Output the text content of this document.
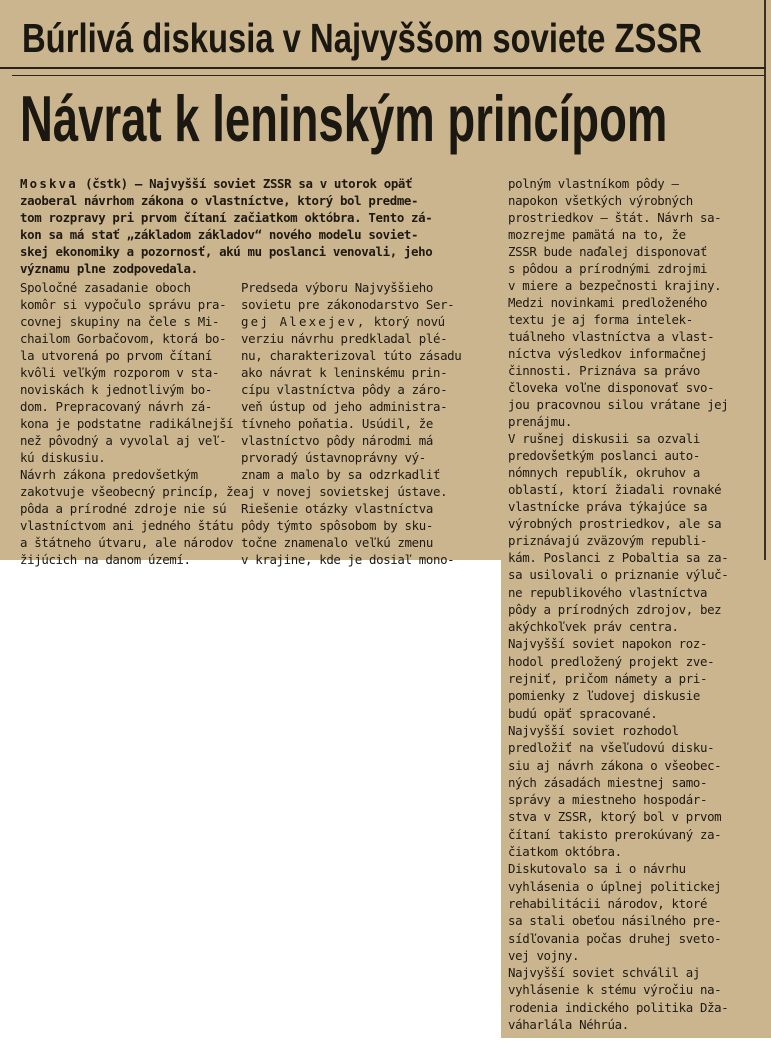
Búrlivá diskusia v Najvyššom soviete ZSSR
Návrat k leninským princípom

Moskva (čstk) — Najvyšší soviet ZSSR sa v utorok opäť

zaoberal návrhom zákona o vlastníctve, ktorý bol predme-

tom rozpravy pri prvom čítaní začiatkom októbra. Tento zá-

kon sa má stať „základom základov“ nového modelu soviet-

skej ekonomiky a pozornosť, akú mu poslanci venovali, jeho

významu plne zodpovedala.

Spoločné zasadanie oboch

komôr si vypočulo správu pra-

covnej skupiny na čele s Mi-

chailom Gorbačovom, ktorá bo-

la utvorená po prvom čítaní

kvôli veľkým rozporom v sta-

noviskách k jednotlivým bo-

dom. Prepracovaný návrh zá-

kona je podstatne radikálnejší

než pôvodný a vyvolal aj veľ-

kú diskusiu.

Návrh zákona predovšetkým

zakotvuje všeobecný princíp, že

pôda a prírodné zdroje nie sú

vlastníctvom ani jedného štátu

a štátneho útvaru, ale národov

žijúcich na danom území.

Predseda výboru Najvyššieho

sovietu pre zákonodarstvo Ser-

gej Alexejev, ktorý novú

verziu návrhu predkladal plé-

nu, charakterizoval túto zásadu

ako návrat k leninskému prin-

cípu vlastníctva pôdy a záro-

veň ústup od jeho administra-

tívneho poňatia. Usúdil, že

vlastníctvo pôdy národmi má

prvoradý ústavnoprávny vý-

znam a malo by sa odzrkadliť

aj v novej sovietskej ústave.

Riešenie otázky vlastníctva

pôdy týmto spôsobom by sku-

točne znamenalo veľkú zmenu

v krajine, kde je dosiaľ mono-

polným vlastníkom pôdy —

napokon všetkých výrobných

prostriedkov — štát. Návrh sa-

mozrejme pamätá na to, že

ZSSR bude naďalej disponovať

s pôdou a prírodnými zdrojmi

v miere a bezpečnosti krajiny.

Medzi novinkami predloženého

textu je aj forma intelek-

tuálneho vlastníctva a vlast-

níctva výsledkov informačnej

činnosti. Priznáva sa právo

človeka voľne disponovať svo-

jou pracovnou silou vrátane jej

prenájmu.

V rušnej diskusii sa ozvali

predovšetkým poslanci auto-

nómnych republík, okruhov a

oblastí, ktorí žiadali rovnaké

vlastnícke práva týkajúce sa

výrobných prostriedkov, ale sa

priznávajú zväzovým republi-

kám. Poslanci z Pobaltia sa za-

sa usilovali o priznanie výluč-

ne republikového vlastníctva

pôdy a prírodných zdrojov, bez

akýchkoľvek práv centra.

Najvyšší soviet napokon roz-

hodol predložený projekt zve-

rejniť, pričom námety a pri-

pomienky z ľudovej diskusie

budú opäť spracované.

Najvyšší soviet rozhodol

predložiť na všeľudovú disku-

siu aj návrh zákona o všeobec-

ných zásadách miestnej samo-

správy a miestneho hospodár-

stva v ZSSR, ktorý bol v prvom

čítaní takisto prerokúvaný za-

čiatkom októbra.

Diskutovalo sa i o návrhu

vyhlásenia o úplnej politickej

rehabilitácii národov, ktoré

sa stali obeťou násilného pre-

sídľovania počas druhej sveto-

vej vojny.

Najvyšší soviet schválil aj

vyhlásenie k stému výročiu na-

rodenia indického politika Dža-

váharlála Néhrúa.
